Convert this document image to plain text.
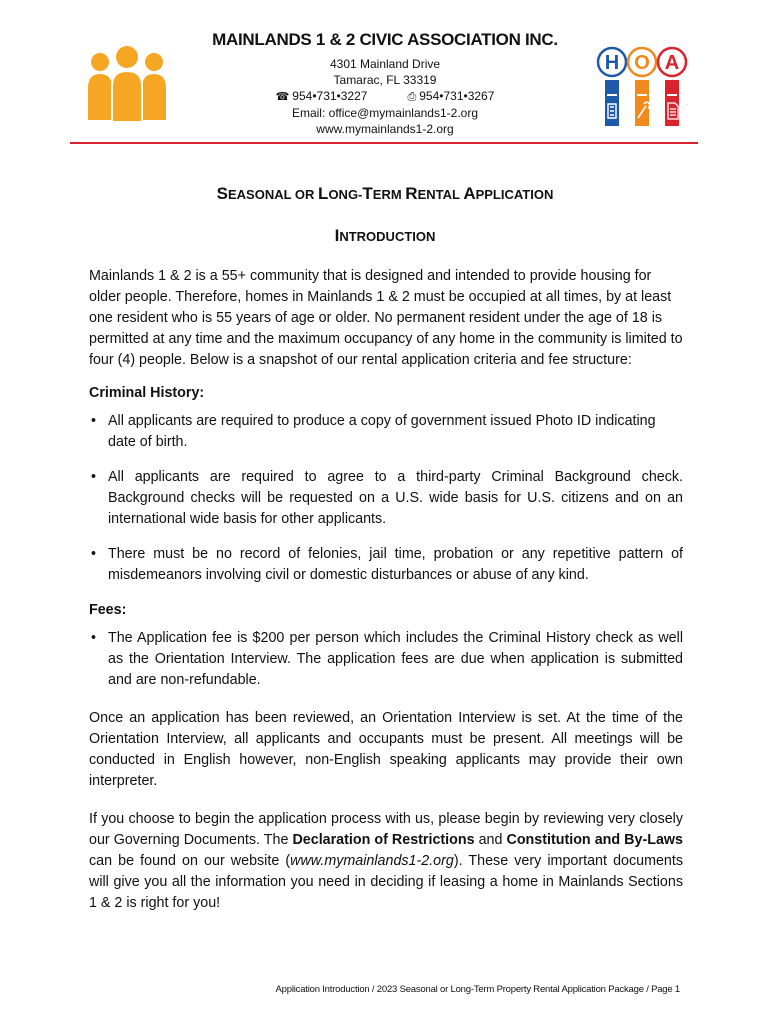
MAINLANDS 1 & 2 CIVIC ASSOCIATION INC.

4301 Mainland Drive

Tamarac, FL 33319

☎ 954•731•3227	⎙ 954•731•3267

Email: office@mymainlands1-2.org

www.mymainlands1-2.org

H O A
SEASONAL OR LONG-TERM RENTAL APPLICATION
INTRODUCTION

Mainlands 1 & 2 is a 55+ community that is designed and intended to provide housing for older people. Therefore, homes in Mainlands 1 & 2 must be occupied at all times, by at least one resident who is 55 years of age or older. No permanent resident under the age of 18 is permitted at any time and the maximum occupancy of any home in the community is limited to four (4) people. Below is a snapshot of our rental application criteria and fee structure:

Criminal History:

• All applicants are required to produce a copy of government issued Photo ID indicating date of birth.
• All applicants are required to agree to a third-party Criminal Background check. Background checks will be requested on a U.S. wide basis for U.S. citizens and on an international wide basis for other applicants.
• There must be no record of felonies, jail time, probation or any repetitive pattern of misdemeanors involving civil or domestic disturbances or abuse of any kind.

Fees:

• The Application fee is $200 per person which includes the Criminal History check as well as the Orientation Interview. The application fees are due when application is submitted and are non-refundable.

Once an application has been reviewed, an Orientation Interview is set. At the time of the Orientation Interview, all applicants and occupants must be present. All meetings will be conducted in English however, non-English speaking applicants may provide their own interpreter.

If you choose to begin the application process with us, please begin by reviewing very closely our Governing Documents. The Declaration of Restrictions and Constitution and By-Laws can be found on our website (www.mymainlands1-2.org). These very important documents will give you all the information you need in deciding if leasing a home in Mainlands Sections 1 & 2 is right for you!

Application Introduction / 2023 Seasonal or Long-Term Property Rental Application Package / Page 1
